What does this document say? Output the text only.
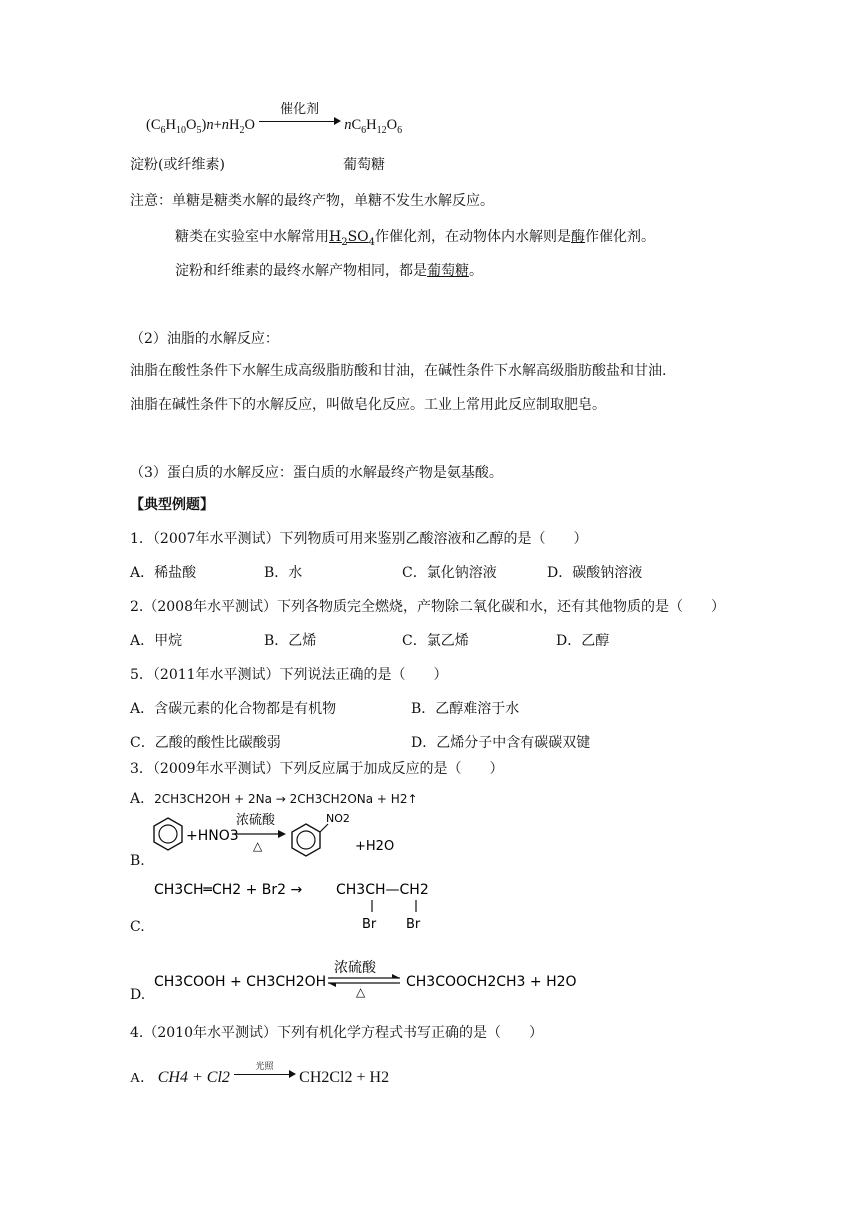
$(C_6H_{10}O_5)n+nH_2O$
催化剂
$nC_6H_{12}O_6$
淀粉(或纤维素)	葡萄糖
注意：单糖是糖类水解的最终产物，单糖不发生水解反应。
糖类在实验室中水解常用$H_2SO_4$作催化剂，在动物体内水解则是酶作催化剂。
淀粉和纤维素的最终水解产物相同，都是葡萄糖。
（2）油脂的水解反应：
油脂在酸性条件下水解生成高级脂肪酸和甘油，在碱性条件下水解高级脂肪酸盐和甘油.
油脂在碱性条件下的水解反应，叫做皂化反应。工业上常用此反应制取肥皂。
（3）蛋白质的水解反应：蛋白质的水解最终产物是氨基酸。
【典型例题】
1．（2007年水平测试）下列物质可用来鉴别乙酸溶液和乙醇的是（　　）
A．稀盐酸	B．水	C．氯化钠溶液	D．碳酸钠溶液
2.（2008年水平测试）下列各物质完全燃烧，产物除二氧化碳和水，还有其他物质的是（　　）
A．甲烷	B．乙烯	C．氯乙烯	D．乙醇
5．（2011年水平测试）下列说法正确的是（　　）
A．含碳元素的化合物都是有机物	B．乙醇难溶于水
C．乙酸的酸性比碳酸弱	D．乙烯分子中含有碳碳双键
3．（2009年水平测试）下列反应属于加成反应的是（　　）
A．2CH3CH2OH + 2Na → 2CH3CH2ONa + H2↑
B.
+HNO3
浓硫酸
△
NO2
+H2O
CH3CH═CH2 + Br2 → CH3CH—CH2
Br Br
C.
CH3COOH + CH3CH2OH
浓硫酸
△
CH3COOCH2CH3 + H2O
D.
4.（2010年水平测试）下列有机化学方程式书写正确的是（　　）
A． CH4 + Cl2
光照
CH2Cl2 + H2
